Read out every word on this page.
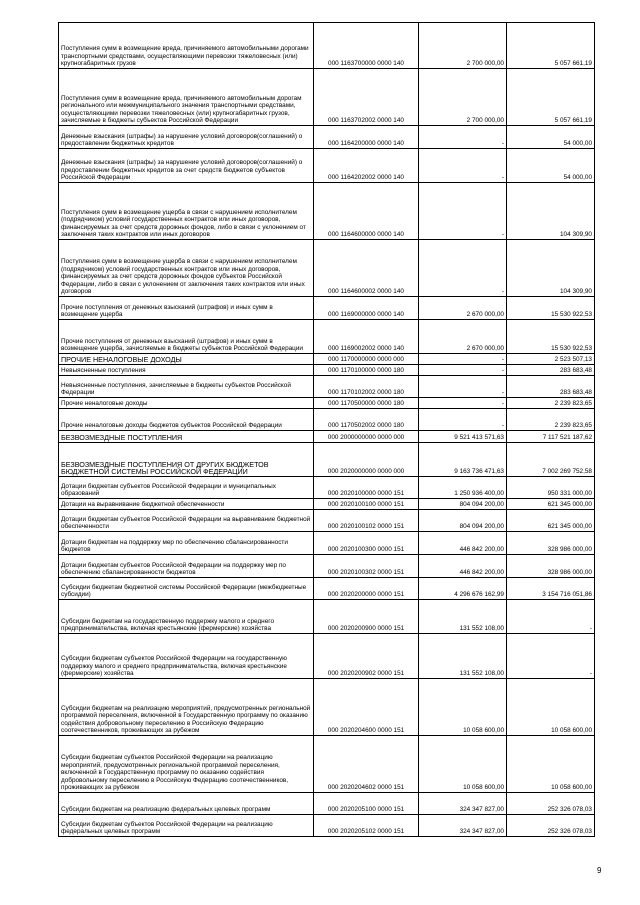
Поступления сумм в возмещение вреда, причиняемого автомобильными дорогами транспортными средствами, осуществляющими перевозки тяжеловесных (или) крупногабаритных грузов	000 1163700000 0000 140	2 700 000,00	5 057 661,19
Поступления сумм в возмещение вреда, причиняемого автомобильным дорогам регионального или межмуниципального значения транспортными средствами, осуществляющими перевозки тяжеловесных (или) крупногабаритных грузов, зачисляемые в бюджеты субъектов Российской Федерации	000 1163702002 0000 140	2 700 000,00	5 057 661,19
Денежные взыскания (штрафы) за нарушение условий договоров(соглашений) о предоставлении бюджетных кредитов	000 1164200000 0000 140	-	54 000,00
Денежные взыскания (штрафы) за нарушение условий договоров(соглашений) о предоставлении бюджетных кредитов за счет средств бюджетов субъектов Российской Федерации	000 1164202002 0000 140	-	54 000,00
Поступления сумм в возмещение ущерба в связи с нарушением исполнителем (подрядчиком) условий государственных контрактов или иных договоров, финансируемых за счет средств дорожных фондов, либо в связи с уклонением от заключения таких контрактов или иных договоров	000 1164600000 0000 140	-	104 309,90
Поступления сумм в возмещение ущерба в связи с нарушением исполнителем (подрядчиком) условий государственных контрактов или иных договоров, финансируемых за счет средств дорожных фондов субъектов Российской Федерации, либо в связи с уклонением от заключения таких контрактов или иных договоров	000 1164600002 0000 140	-	104 309,90
Прочие поступления от денежных взысканий (штрафов) и иных сумм в возмещение ущерба	000 1169000000 0000 140	2 670 000,00	15 530 922,53
Прочие поступления от денежных взысканий (штрафов) и иных сумм в возмещение ущерба, зачисляемые в бюджеты субъектов Российской Федерации	000 1169002002 0000 140	2 670 000,00	15 530 922,53
ПРОЧИЕ НЕНАЛОГОВЫЕ ДОХОДЫ	000 1170000000 0000 000	-	2 523 507,13
Невыясненные поступления	000 1170100000 0000 180	-	283 683,48
Невыясненные поступления, зачисляемые в бюджеты субъектов Российской Федерации	000 1170102002 0000 180	-	283 683,48
Прочие неналоговые доходы	000 1170500000 0000 180	-	2 239 823,65
Прочие неналоговые доходы бюджетов субъектов Российской Федерации	000 1170502002 0000 180	-	2 239 823,65
БЕЗВОЗМЕЗДНЫЕ ПОСТУПЛЕНИЯ	000 2000000000 0000 000	9 521 413 571,63	7 117 521 187,62
БЕЗВОЗМЕЗДНЫЕ ПОСТУПЛЕНИЯ ОТ ДРУГИХ БЮДЖЕТОВ БЮДЖЕТНОЙ СИСТЕМЫ РОССИЙСКОЙ ФЕДЕРАЦИИ	000 2020000000 0000 000	9 163 736 471,63	7 002 269 752,58
Дотации бюджетам субъектов Российской Федерации и муниципальных образований	000 2020100000 0000 151	1 250 936 400,00	950 331 000,00
Дотации на выравнивание бюджетной обеспеченности	000 2020100100 0000 151	804 094 200,00	621 345 000,00
Дотации бюджетам субъектов Российской Федерации на выравнивание бюджетной обеспеченности	000 2020100102 0000 151	804 094 200,00	621 345 000,00
Дотации бюджетам на поддержку мер по обеспечению сбалансированности бюджетов	000 2020100300 0000 151	446 842 200,00	328 986 000,00
Дотации бюджетам субъектов Российской Федерации на поддержку мер по обеспечению сбалансированности бюджетов	000 2020100302 0000 151	446 842 200,00	328 986 000,00
Субсидии бюджетам бюджетной системы Российской Федерации (межбюджетные субсидии)	000 2020200000 0000 151	4 296 676 162,99	3 154 716 051,86
Субсидии бюджетам на государственную поддержку малого и среднего предпринимательства, включая крестьянские (фермерские) хозяйства	000 2020200900 0000 151	131 552 108,00	-
Субсидии бюджетам субъектов Российской Федерации на государственную поддержку малого и среднего предпринимательства, включая крестьянские (фермерские) хозяйства	000 2020200902 0000 151	131 552 108,00	-
Субсидии бюджетам на реализацию мероприятий, предусмотренных региональной программой переселения, включенной в Государственную программу по оказанию содействия добровольному переселению в Российскую Федерацию соотечественников, проживающих за рубежом	000 2020204600 0000 151	10 058 600,00	10 058 600,00
Субсидии бюджетам субъектов Российской Федерации на реализацию мероприятий, предусмотренных региональной программой переселения, включенной в Государственную программу по оказанию содействия добровольному переселению в Российскую Федерацию соотечественников, проживающих за рубежом	000 2020204602 0000 151	10 058 600,00	10 058 600,00
Субсидии бюджетам на реализацию федеральных целевых программ	000 2020205100 0000 151	324 347 827,00	252 326 078,03
Субсидии бюджетам субъектов Российской Федерации на реализацию федеральных целевых программ	000 2020205102 0000 151	324 347 827,00	252 326 078,03
9
